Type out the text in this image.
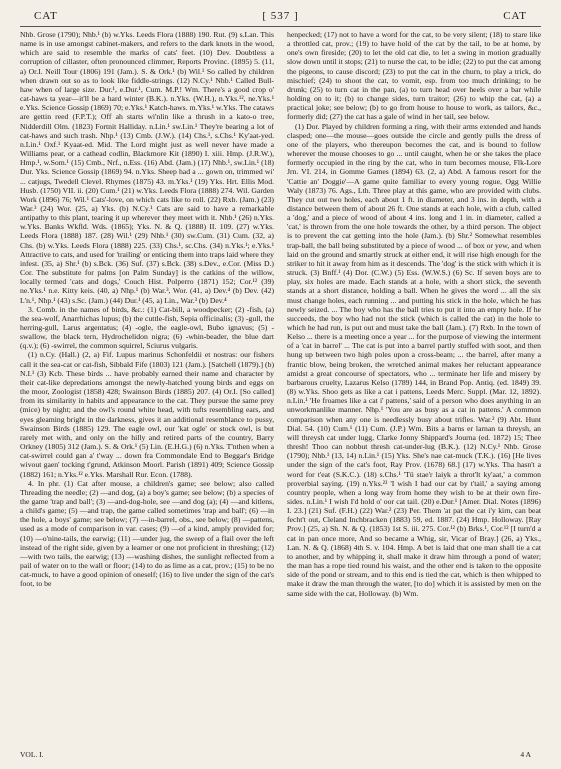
CAT	[ 537 ]	CAT

Nhb. Grose (1790); Nhb.¹ (b) w.Yks. Leeds Flora (1888) 190. Rut. (9) s.Lan. This name is in use amongst cabinet-makers, and refers to the dark knots in the wood, which are said to resemble the marks of cats' feet. (10) Dev. Doubtless a corruption of cillaster, often pronounced climmer, Reports Provinc. (1895) 5. (11, a) Or.I. Neill Tour (1806) 191 (Jam.). S. & Ork.¹ (b) Wil.¹ So called by children when drawn out so as to look like fiddle-strings. (12) N.Cy.¹ Nhb.¹ Called Bull-haw when of large size. Dur.¹, e.Dur.¹, Cum. M.P.! Wm. There's a good crop o' cat-haws ta year—it'll be a hard winter (B.K.). n.Yks. (W.H.), n.Yks.¹², ne.Yks.¹ e.Yks. Science Gossip (1869) 70; e.Yks.¹ Katch-haws. m.Yks.¹ w.Yks. The cataws are gettin reed (F.P.T.); Off ah starts wi'nlin like a thrush in a kato-o tree, Nidderdill Olm. (1823) Fortnit Halliday. n.Lin.¹ sw.Lin.¹ They're bearing a lot of cat-haws and such trash. Nhp.¹ (13) Cmb. (J.W.). (14) Chs.¹, s.Chs.¹ Ky'aat-yed. n.Lin.¹ Oxf.¹ Kyaat-ed. Mid. The Lord might just as well never have made a Williams pear, or a cathead codlin, Blackmore Kit (1890) I. xiii. Hmp. (J.R.W.), Hmp.¹, w.Som.¹ (15) Cmb., Nrf., n.Ess. (16) Abd. (Jam.) (17) Nhb.¹, sw.Lin.¹ (18) Dur. Yks. Science Gossip (1869) 94. n.Yks. Sheep had a ... gown on, trimmed wi' ... catjugs, Twedell Clevel. Rhymes (1875) 43. m.Yks.¹ (19) Yks. Hrt. Ellis Mod. Husb. (1750) VII. ii. (20) Cum.¹ (21) w.Yks. Leeds Flora (1888) 274. Wil. Garden Work (1896) 76; Wil.¹ Cats'-love, on which cats like to roll. (22) Rxb. (Jam.) (23) War.³ (24) Wor. (25, a) Yks. (b) N.Cy.¹ Cats are said to have a remarkable antipathy to this plant, tearing it up wherever they meet with it. Nhb.¹ (26) n.Yks. w.Yks. Banks Wkfld. Wds. (1865); Yks. N. & Q. (1888) II. 109. (27) w.Yks. Leeds Flora (1888) 187. (28) Wil.¹ (29) Nhb.¹ (30) sw.Cum. (31) Cum. (32, a) Chs. (b) w.Yks. Leeds Flora (1888) 225. (33) Chs.¹, sc.Chs. (34) n.Yks.¹; e.Yks.¹ Attractive to cats, and used for 'trailing' or enticing them into traps laid where they infest. (35, a) Shr.¹ (b) s.Bck. (36) Suf. (37) s.Bck. (38) s.Dev., e.Cor. (Miss D.) Cor. The substitute for palms [on Palm Sunday] is the catkins of the willow, locally termed 'cats and dogs,' Couch Hist. Polperro (1871) 152; Cor.¹² (39) ne.Yks.¹ n.e. Kitty keis. (40, a) Nhp.¹ (b) War.³, Wor. (41, a) Dev.⁴ (b) Dev. (42) L'n.¹, Nhp.¹ (43) s.Sc. (Jam.) (44) Dur.¹ (45, a) Lin., War.³ (b) Dev.⁴

3. Comb. in the names of birds, &c.: (1) Cat-bill, a woodpecker; (2) -fish, (a) the sea-wolf, Anarrhichas lupus; (b) the cuttle-fish, Sepia officinalis; (3) -gull, the herring-gull, Larus argentatus; (4) -ogle, the eagle-owl, Bubo ignavus; (5) -swallow, the black tern, Hydrochelidon nigra; (6) -whin-beader, the blue dart (q.v.); (6) -swirrel, the common squirrel, Sciurus vulgaris.

(1) n.Cy. (Hall.) (2, a) Fif. Lupus marinus Schonfeldii et nostras: our fishers call it the sea-cat or cat-fish, Sibbald Fife (1803) 121 (Jam.). [Satchell (1879).] (b) N.I.¹ (3) Kcb. These birds ... have probably earned their name and character by their cat-like depredations amongst the newly-hatched young birds and eggs on the moor, Zoologist (1858) 428; Swainson Birds (1885) 207. (4) Or.I. [So called] from its similarity in habits and appearance to the cat. They pursue the same prey (mice) by night; and the owl's round white head, with tufts resembling ears, and eyes gleaming bright in the darkness, gives it an additional resemblance to pussy, Swainson Birds (1885) 129. The eagle owl, our 'kat ogle' or stock owl, is but rarely met with, and only on the hilly and retired parts of the country, Barry Orkney (1805) 312 (Jam.). S. & Ork.¹ (5) Lin. (E.H.G.) (6) n.Yks. T'nthen when a cat-swirrel could gan a' t'way ... down fra Commondale End to Beggar's Bridge wivout gaen' tocking t'grund, Atkinson Moorl. Parish (1891) 409; Science Gossip (1882) 161; n.Yks.¹² e.Yks. Marshall Rur. Econ. (1788).

4. In phr. (1) Cat after mouse, a children's game; see below; also called Threading the needle; (2) —and dog, (a) a boy's game; see below; (b) a species of the game 'trap and ball'; (3) —and-dog-hole, see —and dog (a); (4) —and kitlens, a child's game; (5) —and trap, the game called sometimes 'trap and ball'; (6) —in the hole, a boys' game; see below; (7) —in-barrel, obs., see below; (8) —pattens, used as a mode of comparison in var. cases; (9) —of a kind, amply provided for; (10) —o'nine-tails, the earwig; (11) —under jug, the sweep of a flail over the left instead of the right side, given by a learner or one not proficient in threshing; (12) —with two tails, the earwig; (13) —washing dishes, the sunlight reflected from a pail of water on to the wall or floor; (14) to do as lime as a cat, prov.; (15) to be no cat-muck, to have a good opinion of oneself; (16) to live under the sign of the cat's foot, to be

henpecked; (17) not to have a word for the cat, to be very silent; (18) to stare like a throttled cat, prov.; (19) to have hold of the cat by the tail, to be at home, by one's own fireside; (20) to let the old cat die, to let a swing in motion gradually slow down until it stops; (21) to nurse the cat, to be idle; (22) to put the cat among the pigeons, to cause discord; (23) to put the cat in the churn, to play a trick, do mischief; (24) to shoot the cat, to vomit, esp. from too much drinking; to be drunk; (25) to turn cat in the pan, (a) to turn head over heels over a bar while holding on to it; (b) to change sides, turn traitor; (26) to whip the cat, (a) a practical joke; see below; (b) to go from house to house to work, as tailors, &c., formerly did; (27) the cat has a gale of wind in her tail, see below.

(1) Dor. Played by children forming a ring, with their arms extended and hands clasped; one—the mouse—goes outside the circle and gently pulls the dress of one of the players, who thereupon becomes the cat, and is bound to follow wherever the mouse chooses to go ... until caught, when he or she takes the place formerly occupied in the ring by the cat, who in turn becomes mouse, Flk-Lore Jrn. VI. 214, in Gomme Games (1894) 63. (2, a) Abd. A famous resort for the 'Cattie an' Doggie'—A game quite familiar to every young rogue, Ogg Willie Waly (1873) 76. Ags., Lth. Three play at this game, who are provided with clubs. They cut out two holes, each about 1 ft. in diameter, and 3 ins. in depth, with a distance between them of about 26 ft. One stands at each hole, with a club, called a 'dog,' and a piece of wood of about 4 ins. long and 1 in. in diameter, called a 'cat,' is thrown from the one hole towards the other, by a third person. The object is to prevent the cat getting into the hole (Jam.). (b) Shr.² Somewhat resembles trap-ball, the ball being substituted by a piece of wood ... of box or yew, and when laid on the ground and smartly struck at either end, it will rise high enough for the striker to hit it away from him as it descends. The 'dog' is the stick with which it is struck. (3) Bnff.¹ (4) Dor. (C.W.) (5) Ess. (W.W.S.) (6) Sc. If seven boys are to play, six holes are made. Each stands at a hole, with a short stick, the seventh stands at a short distance, holding a ball. When he gives the word ... all the six must change holes, each running ... and putting his stick in the hole, which he has newly seized. ... The boy who has the ball tries to put it into an empty hole. If he succeeds, the boy who had not the stick (which is called the cat) in the hole to which he had run, is put out and must take the ball (Jam.). (7) Rxb. In the town of Kelso ... there is a meeting once a year ... for the purpose of viewing the interment of a 'cat in barrel' ... The cat is put into a barrel partly stuffed with soot, and then hung up between two high poles upon a cross-beam; ... the barrel, after many a frantic blow, being broken, the wretched animal makes her reluctant appearance amidst a great concourse of spectators, who ... terminate her life and misery by barbarous cruelty, Lazarus Kelso (1789) 144, in Brand Pop. Antiq. (ed. 1849) 39. (8) w.Yks. Shoo gets as like a cat i pattens, Leeds Merc. Suppl. (Mar. 12, 1892). n.Lin.¹ 'He froames like a cat i' pattens,' said of a person who does anything in an unworkmanlike manner. Nhp.¹ 'You are as busy as a cat in pattens.' A common comparison when any one is needlessly busy about trifles. War.² (9) Abt. Hunt Dial. 54. (10) Cum.¹ (11) Cum. (J.P.) Wm. Bits a barns er larnan ta threysh, an will threysh cat under lugg, Clarke Jonny Shippard's Journa (ed. 1872) 15; Thee thresh! Thoo can nobbut thresh cat-under-lug (B.K.). (12) N.Cy.¹ Nhb. Grose (1790); Nhb.¹ (13, 14) n.Lin.¹ (15) Yks. She's nae cat-muck (T.K.). (16) [He lives under the sign of the cat's foot, Ray Prov. (1678) 68.] (17) w.Yks. Tha hasn't a word for t'eat (S.K.C.). (18) s.Chs.¹ 'Tü stae'r laiyk a throt'lt ky'aat,' a common proverbial saying. (19) n.Yks.²³ 'I wish I had our cat by t'tail,' a saying among country people, when a long way from home they wish to be at their own fire-sides. n.Lin.¹ I wish I'd hold o' oor cat tail. (20) e.Dur.¹ [Amer. Dial. Notes (1896) I. 23.] (21) Suf. (F.H.) (22) War.² (23) Per. Them 'at pat the cat i'y kirn, can beat fecht't out, Cleland Inchbracken (1883) 59, ed. 1887. (24) Hmp. Holloway. [Ray Prov.] (25, a) Sh. N. & Q. (1853) 1st S. iii. 275. Cor.¹² (b) Brks.¹, Cor.¹² [I turn'd a cat in pan once more, And so became a Whig, sir, Vicar of Bray.] (26, a) Yks., Lan. N. & Q. (1868) 4th S. v. 104. Hmp. A bet is laid that one man shall tie a cat to another, and by whipping it, shall make it draw him through a pond of water; the man has a rope tied round his waist, and the other end is taken to the opposite side of the pond or stream, and to this end is tied the cat, which is then whipped to make it draw the man through the water, [to do] which it is assisted by men on the same side with the cat, Holloway. (b) Wm.

VOL. I.	4 A
